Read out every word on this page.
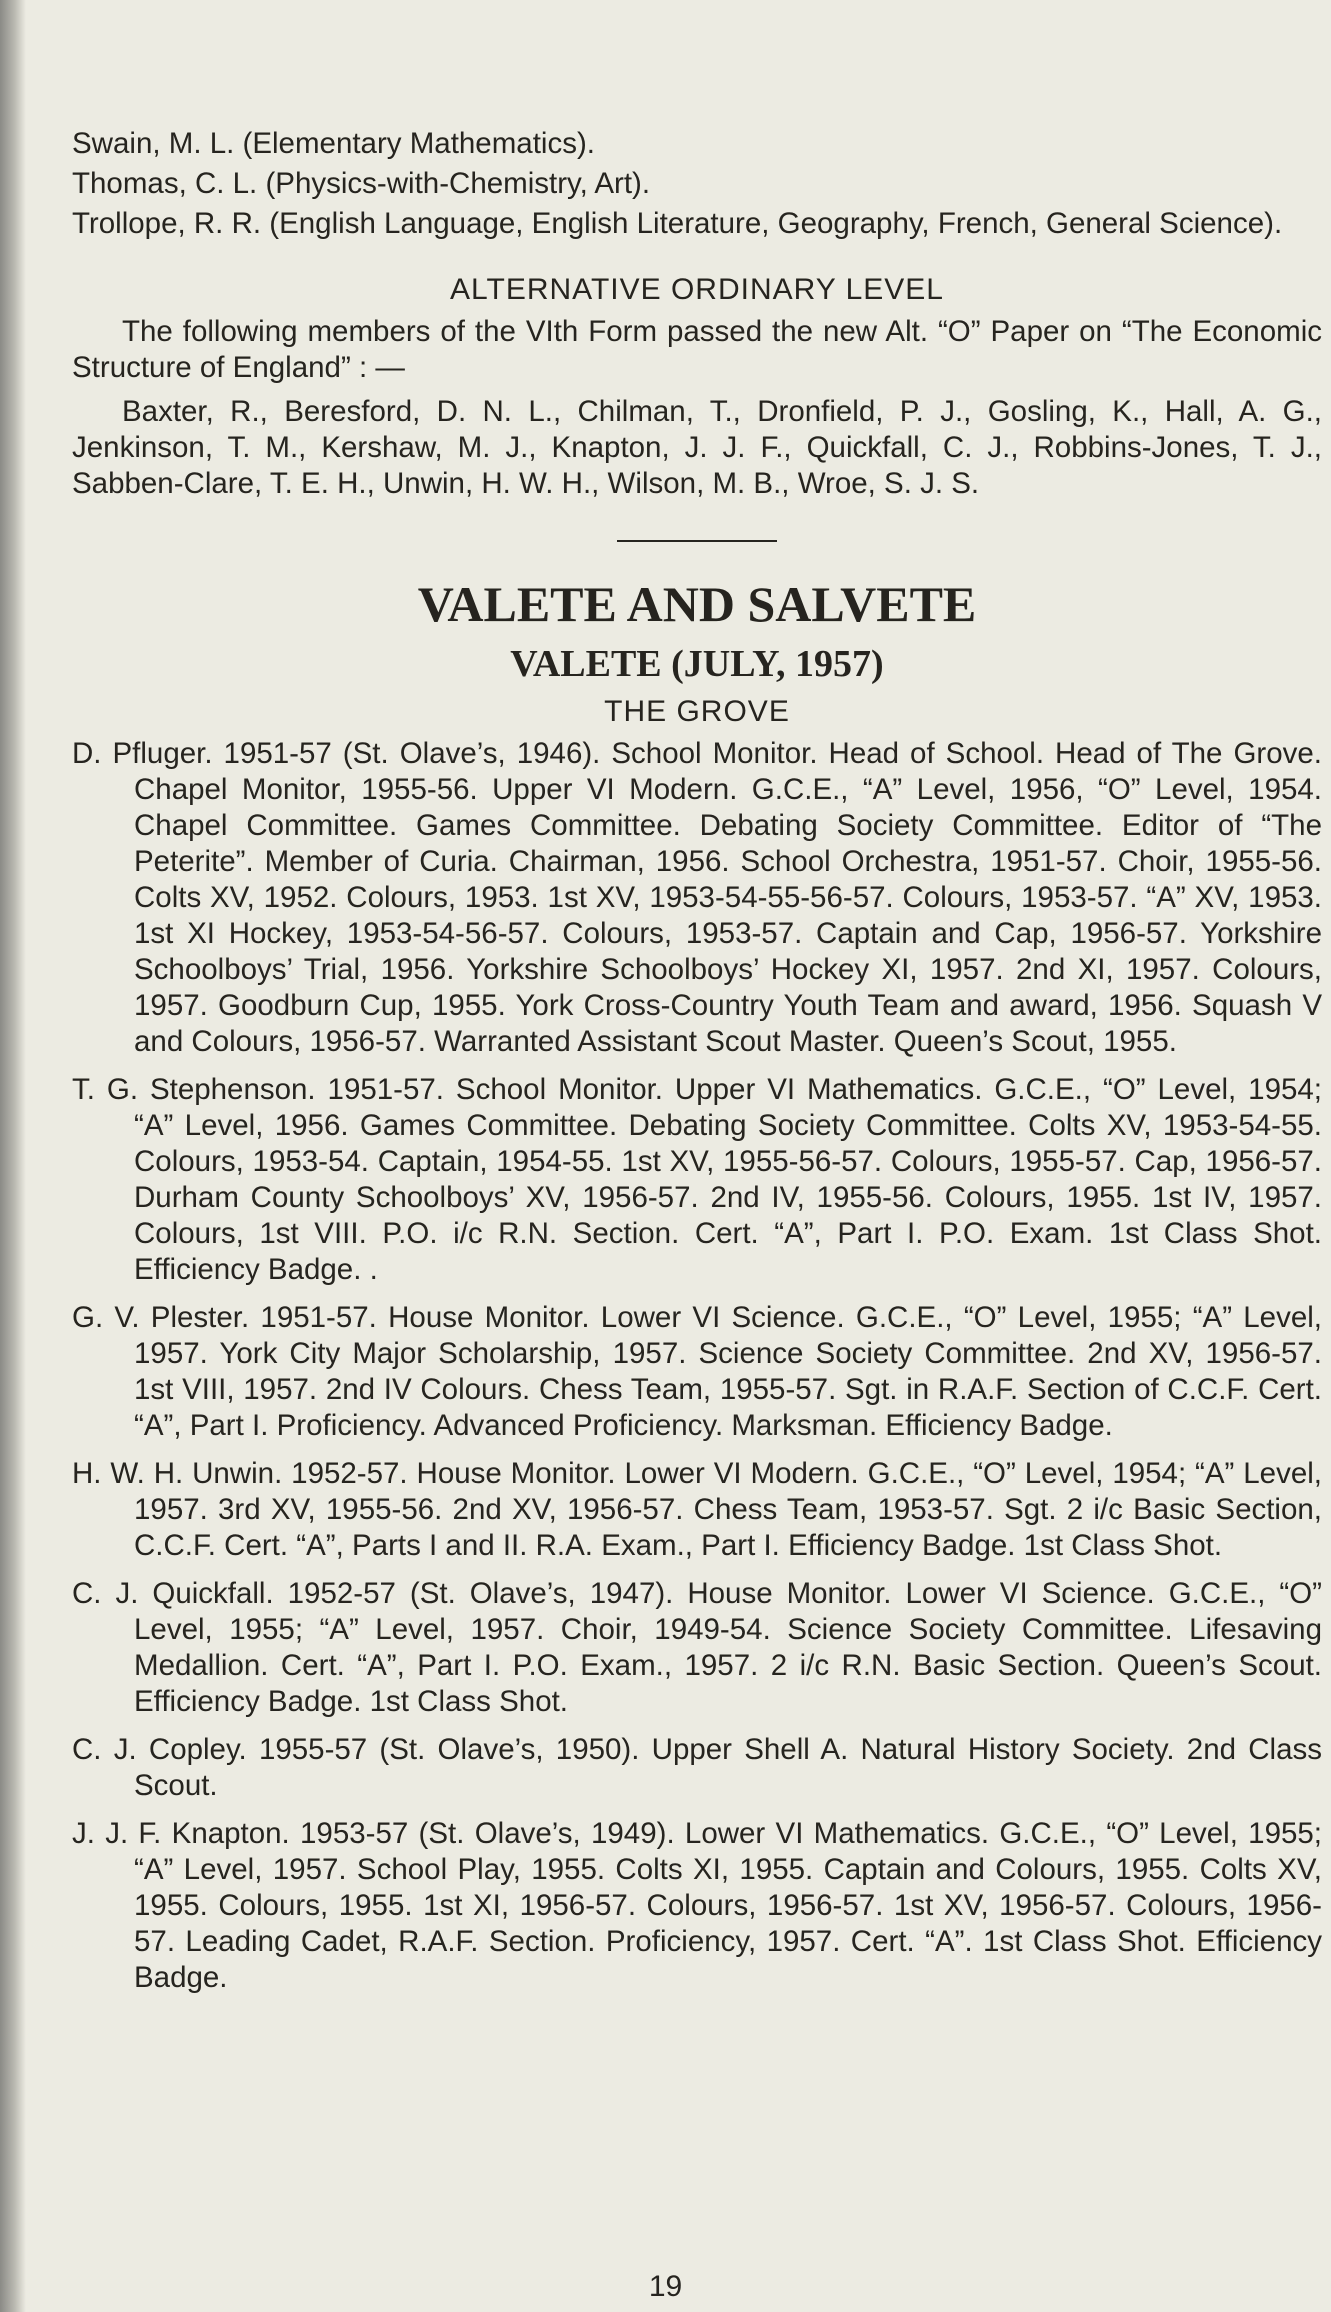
Swain, M. L. (Elementary Mathematics).

Thomas, C. L. (Physics-with-Chemistry, Art).

Trollope, R. R. (English Language, English Literature, Geography, French, General Science).

ALTERNATIVE ORDINARY LEVEL

The following members of the VIth Form passed the new Alt. “O” Paper on “The Economic Structure of England” : —

Baxter, R., Beresford, D. N. L., Chilman, T., Dronfield, P. J., Gosling, K., Hall, A. G., Jenkinson, T. M., Kershaw, M. J., Knapton, J. J. F., Quickfall, C. J., Robbins-Jones, T. J., Sabben-Clare, T. E. H., Unwin, H. W. H., Wilson, M. B., Wroe, S. J. S.

VALETE AND SALVETE

VALETE (JULY, 1957)

THE GROVE

D. Pfluger. 1951-57 (St. Olave’s, 1946). School Monitor. Head of School. Head of The Grove. Chapel Monitor, 1955-56. Upper VI Modern. G.C.E., “A” Level, 1956, “O” Level, 1954. Chapel Committee. Games Committee. Debating Society Committee. Editor of “The Peterite”. Member of Curia. Chairman, 1956. School Orchestra, 1951-57. Choir, 1955-56. Colts XV, 1952. Colours, 1953. 1st XV, 1953-54-55-56-57. Colours, 1953-57. “A” XV, 1953. 1st XI Hockey, 1953-54-56-57. Colours, 1953-57. Captain and Cap, 1956-57. Yorkshire Schoolboys’ Trial, 1956. Yorkshire Schoolboys’ Hockey XI, 1957. 2nd XI, 1957. Colours, 1957. Goodburn Cup, 1955. York Cross-Country Youth Team and award, 1956. Squash V and Colours, 1956-57. Warranted Assistant Scout Master. Queen’s Scout, 1955.

T. G. Stephenson. 1951-57. School Monitor. Upper VI Mathematics. G.C.E., “O” Level, 1954; “A” Level, 1956. Games Committee. Debating Society Committee. Colts XV, 1953-54-55. Colours, 1953-54. Captain, 1954-55. 1st XV, 1955-56-57. Colours, 1955-57. Cap, 1956-57. Durham County Schoolboys’ XV, 1956-57. 2nd IV, 1955-56. Colours, 1955. 1st IV, 1957. Colours, 1st VIII. P.O. i/c R.N. Section. Cert. “A”, Part I. P.O. Exam. 1st Class Shot. Efficiency Badge. .

G. V. Plester. 1951-57. House Monitor. Lower VI Science. G.C.E., “O” Level, 1955; “A” Level, 1957. York City Major Scholarship, 1957. Science Society Committee. 2nd XV, 1956-57. 1st VIII, 1957. 2nd IV Colours. Chess Team, 1955-57. Sgt. in R.A.F. Section of C.C.F. Cert. “A”, Part I. Proficiency. Advanced Proficiency. Marksman. Efficiency Badge.

H. W. H. Unwin. 1952-57. House Monitor. Lower VI Modern. G.C.E., “O” Level, 1954; “A” Level, 1957. 3rd XV, 1955-56. 2nd XV, 1956-57. Chess Team, 1953-57. Sgt. 2 i/c Basic Section, C.C.F. Cert. “A”, Parts I and II. R.A. Exam., Part I. Efficiency Badge. 1st Class Shot.

C. J. Quickfall. 1952-57 (St. Olave’s, 1947). House Monitor. Lower VI Science. G.C.E., “O” Level, 1955; “A” Level, 1957. Choir, 1949-54. Science Society Committee. Lifesaving Medallion. Cert. “A”, Part I. P.O. Exam., 1957. 2 i/c R.N. Basic Section. Queen’s Scout. Efficiency Badge. 1st Class Shot.

C. J. Copley. 1955-57 (St. Olave’s, 1950). Upper Shell A. Natural History Society. 2nd Class Scout.

J. J. F. Knapton. 1953-57 (St. Olave’s, 1949). Lower VI Mathematics. G.C.E., “O” Level, 1955; “A” Level, 1957. School Play, 1955. Colts XI, 1955. Captain and Colours, 1955. Colts XV, 1955. Colours, 1955. 1st XI, 1956-57. Colours, 1956-57. 1st XV, 1956-57. Colours, 1956-57. Leading Cadet, R.A.F. Section. Proficiency, 1957. Cert. “A”. 1st Class Shot. Efficiency Badge.

19
